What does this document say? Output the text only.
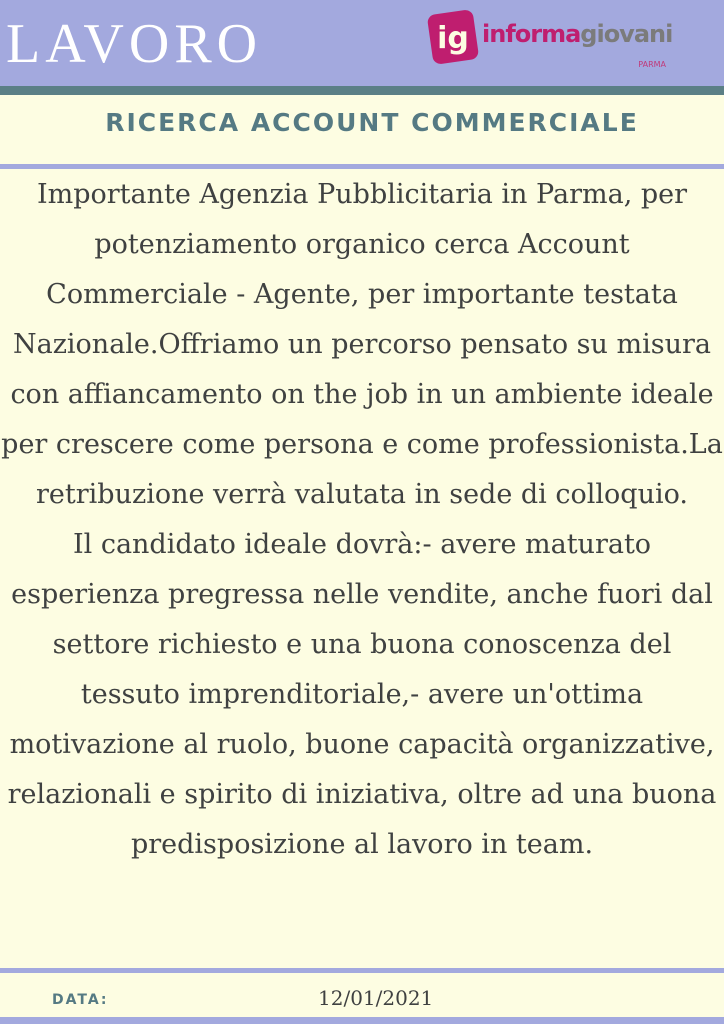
LAVORO	ig informagiovani
PARMA
RICERCA ACCOUNT COMMERCIALE

Importante Agenzia Pubblicitaria in Parma, per potenziamento organico cerca Account Commerciale - Agente, per importante testata Nazionale.Offriamo un percorso pensato su misura con affiancamento on the job in un ambiente ideale per crescere come persona e come professionista.La retribuzione verrà valutata in sede di colloquio.

Il candidato ideale dovrà:- avere maturato esperienza pregressa nelle vendite, anche fuori dal settore richiesto e una buona conoscenza del tessuto imprenditoriale,- avere un'ottima motivazione al ruolo, buone capacità organizzative, relazionali e spirito di iniziativa, oltre ad una buona predisposizione al lavoro in team.

DATA:	12/01/2021
